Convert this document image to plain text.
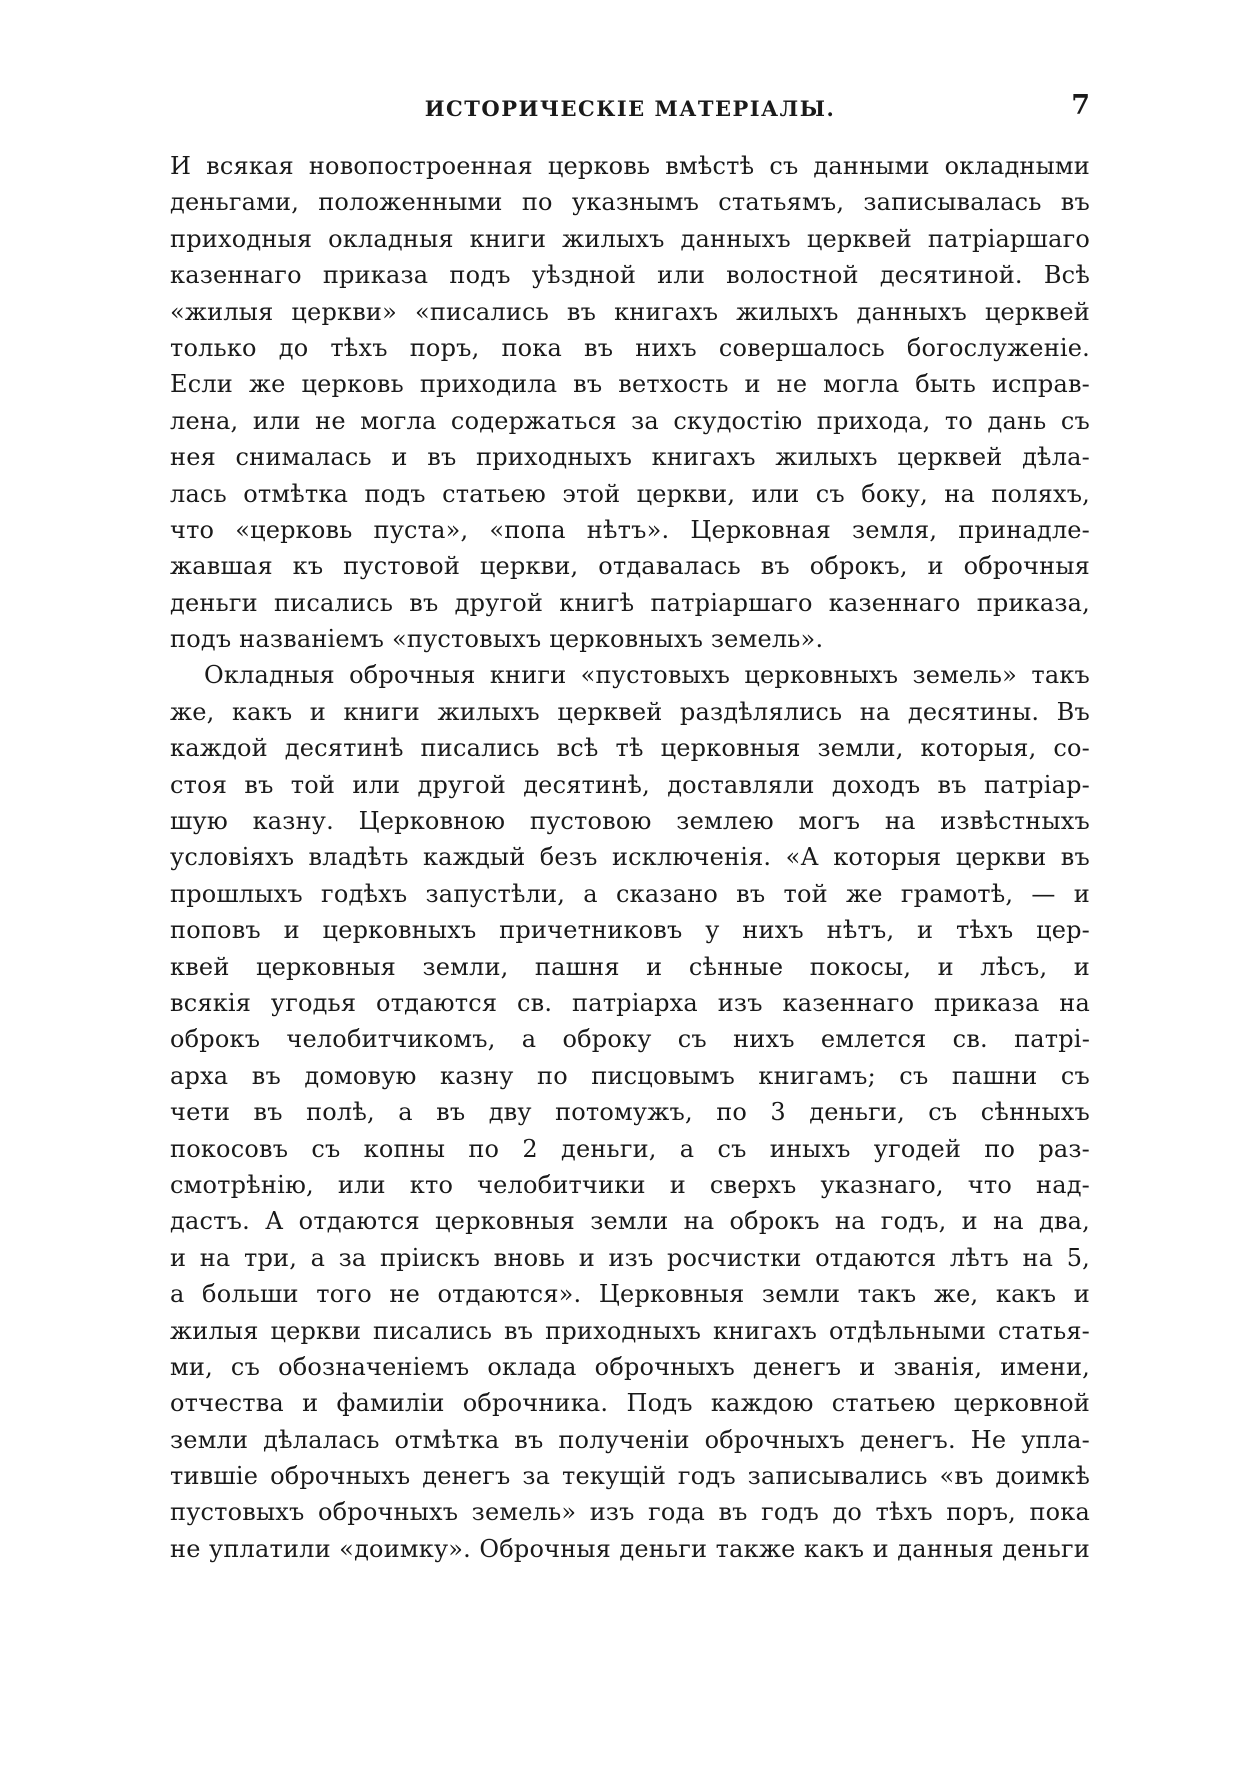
ИСТОРИЧЕСКІЕ МАТЕРІАЛЫ.	7
И всякая новопостроенная церковь вмѣстѣ съ данными окладными
деньгами, положенными по указнымъ статьямъ, записывалась въ
приходныя окладныя книги жилыхъ данныхъ церквей патріаршаго
казеннаго приказа подъ уѣздной или волостной десятиной. Всѣ
«жилыя церкви» «писались въ книгахъ жилыхъ данныхъ церквей
только до тѣхъ поръ, пока въ нихъ совершалось богослуженіе.
Если же церковь приходила въ ветхость и не могла быть исправ-
лена, или не могла содержаться за скудостію прихода, то дань съ
нея снималась и въ приходныхъ книгахъ жилыхъ церквей дѣла-
лась отмѣтка подъ статьею этой церкви, или съ боку, на поляхъ,
что «церковь пуста», «попа нѣтъ». Церковная земля, принадле-
жавшая къ пустовой церкви, отдавалась въ оброкъ, и оброчныя
деньги писались въ другой книгѣ патріаршаго казеннаго приказа,
подъ названіемъ «пустовыхъ церковныхъ земель».
Окладныя оброчныя книги «пустовыхъ церковныхъ земель» такъ
же, какъ и книги жилыхъ церквей раздѣлялись на десятины. Въ
каждой десятинѣ писались всѣ тѣ церковныя земли, которыя, со-
стоя въ той или другой десятинѣ, доставляли доходъ въ патріар-
шую казну. Церковною пустовою землею могъ на извѣстныхъ
условіяхъ владѣть каждый безъ исключенія. «А которыя церкви въ
прошлыхъ годѣхъ запустѣли, а сказано въ той же грамотѣ, — и
поповъ и церковныхъ причетниковъ у нихъ нѣтъ, и тѣхъ цер-
квей церковныя земли, пашня и сѣнные покосы, и лѣсъ, и
всякія угодья отдаются св. патріарха изъ казеннаго приказа на
оброкъ челобитчикомъ, а оброку съ нихъ емлется св. патрі-
арха въ домовую казну по писцовымъ книгамъ; съ пашни съ
чети въ полѣ, а въ дву потомужъ, по 3 деньги, съ сѣнныхъ
покосовъ съ копны по 2 деньги, а съ иныхъ угодей по раз-
смотрѣнію, или кто челобитчики и сверхъ указнаго, что над-
дастъ. А отдаются церковныя земли на оброкъ на годъ, и на два,
и на три, а за пріискъ вновь и изъ росчистки отдаются лѣтъ на 5,
а больши того не отдаются». Церковныя земли такъ же, какъ и
жилыя церкви писались въ приходныхъ книгахъ отдѣльными статья-
ми, съ обозначеніемъ оклада оброчныхъ денегъ и званія, имени,
отчества и фамиліи оброчника. Подъ каждою статьею церковной
земли дѣлалась отмѣтка въ полученіи оброчныхъ денегъ. Не упла-
тившіе оброчныхъ денегъ за текущій годъ записывались «въ доимкѣ
пустовыхъ оброчныхъ земель» изъ года въ годъ до тѣхъ поръ, пока
не уплатили «доимку». Оброчныя деньги также какъ и данныя деньги
